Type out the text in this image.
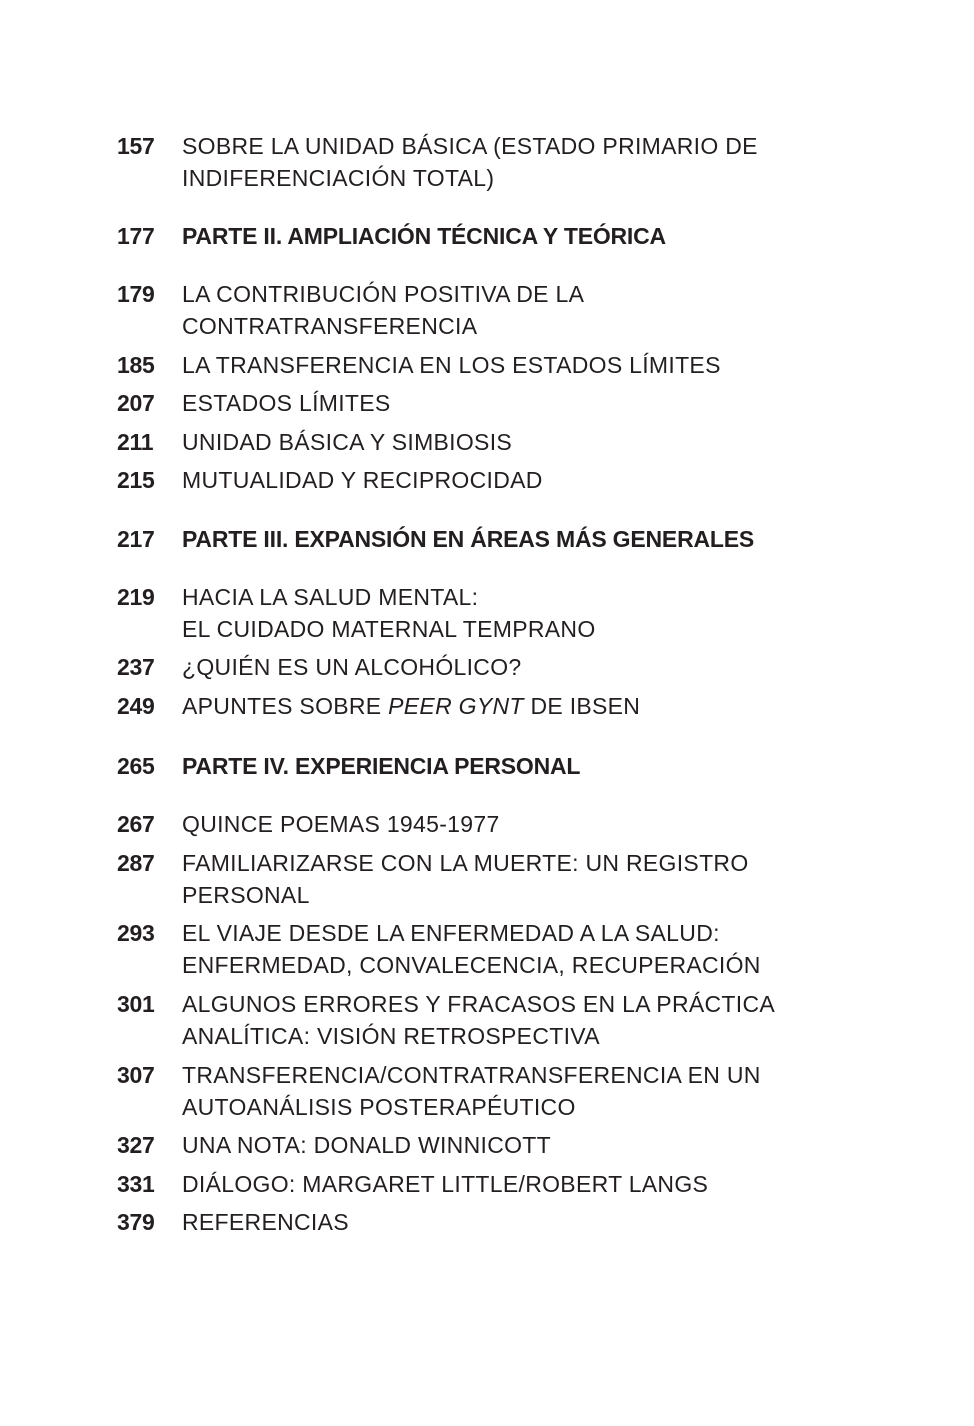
157 SOBRE LA UNIDAD BÁSICA (ESTADO PRIMARIO DE
INDIFERENCIACIÓN TOTAL)
177 PARTE II. AMPLIACIÓN TÉCNICA Y TEÓRICA
179 LA CONTRIBUCIÓN POSITIVA DE LA
CONTRATRANSFERENCIA
185 LA TRANSFERENCIA EN LOS ESTADOS LÍMITES
207 ESTADOS LÍMITES
211 UNIDAD BÁSICA Y SIMBIOSIS
215 MUTUALIDAD Y RECIPROCIDAD
217 PARTE III. EXPANSIÓN EN ÁREAS MÁS GENERALES
219 HACIA LA SALUD MENTAL:
EL CUIDADO MATERNAL TEMPRANO
237 ¿QUIÉN ES UN ALCOHÓLICO?
249 APUNTES SOBRE PEER GYNT DE IBSEN
265 PARTE IV. EXPERIENCIA PERSONAL
267 QUINCE POEMAS 1945-1977
287 FAMILIARIZARSE CON LA MUERTE: UN REGISTRO
PERSONAL
293 EL VIAJE DESDE LA ENFERMEDAD A LA SALUD:
ENFERMEDAD, CONVALECENCIA, RECUPERACIÓN
301 ALGUNOS ERRORES Y FRACASOS EN LA PRÁCTICA
ANALÍTICA: VISIÓN RETROSPECTIVA
307 TRANSFERENCIA/CONTRATRANSFERENCIA EN UN
AUTOANÁLISIS POSTERAPÉUTICO
327 UNA NOTA: DONALD WINNICOTT
331 DIÁLOGO: MARGARET LITTLE/ROBERT LANGS
379 REFERENCIAS
